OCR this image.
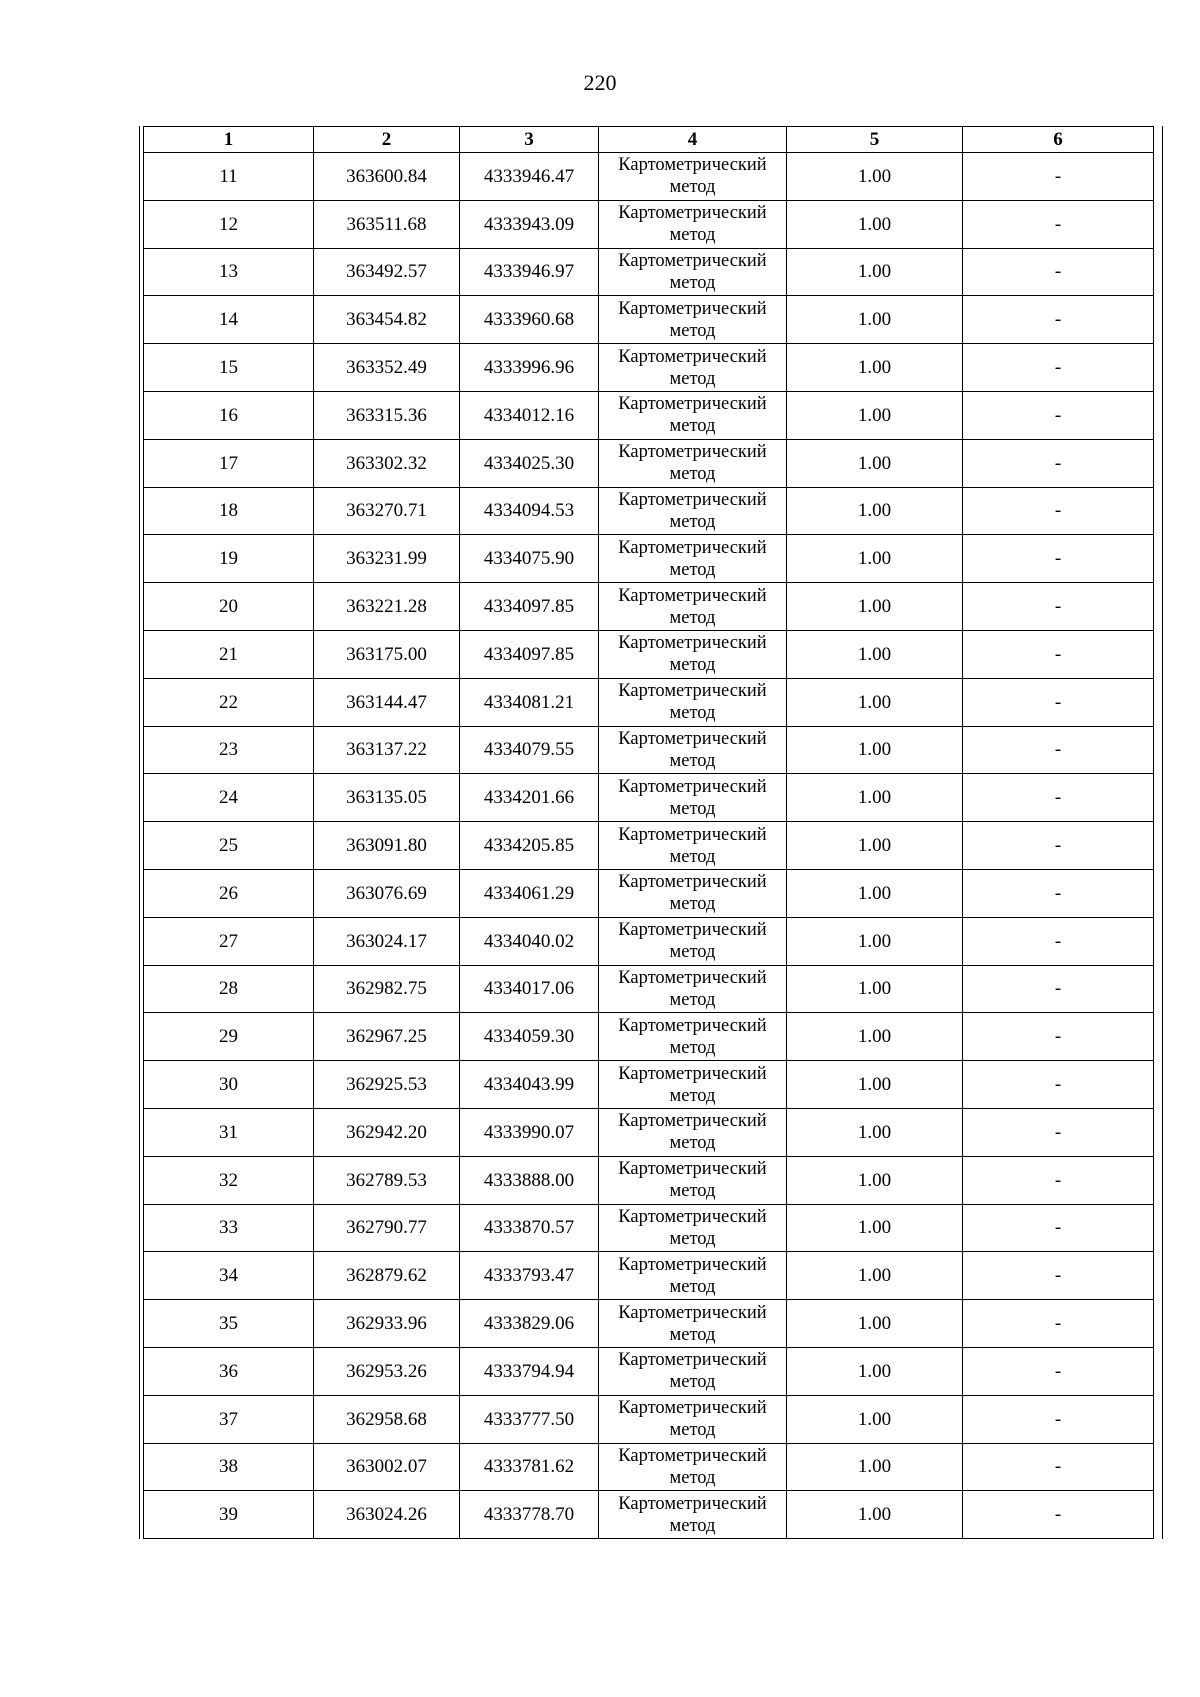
220
1	2	3	4	5	6
11	363600.84	4333946.47	Картометрический метод	1.00	-
12	363511.68	4333943.09	Картометрический метод	1.00	-
13	363492.57	4333946.97	Картометрический метод	1.00	-
14	363454.82	4333960.68	Картометрический метод	1.00	-
15	363352.49	4333996.96	Картометрический метод	1.00	-
16	363315.36	4334012.16	Картометрический метод	1.00	-
17	363302.32	4334025.30	Картометрический метод	1.00	-
18	363270.71	4334094.53	Картометрический метод	1.00	-
19	363231.99	4334075.90	Картометрический метод	1.00	-
20	363221.28	4334097.85	Картометрический метод	1.00	-
21	363175.00	4334097.85	Картометрический метод	1.00	-
22	363144.47	4334081.21	Картометрический метод	1.00	-
23	363137.22	4334079.55	Картометрический метод	1.00	-
24	363135.05	4334201.66	Картометрический метод	1.00	-
25	363091.80	4334205.85	Картометрический метод	1.00	-
26	363076.69	4334061.29	Картометрический метод	1.00	-
27	363024.17	4334040.02	Картометрический метод	1.00	-
28	362982.75	4334017.06	Картометрический метод	1.00	-
29	362967.25	4334059.30	Картометрический метод	1.00	-
30	362925.53	4334043.99	Картометрический метод	1.00	-
31	362942.20	4333990.07	Картометрический метод	1.00	-
32	362789.53	4333888.00	Картометрический метод	1.00	-
33	362790.77	4333870.57	Картометрический метод	1.00	-
34	362879.62	4333793.47	Картометрический метод	1.00	-
35	362933.96	4333829.06	Картометрический метод	1.00	-
36	362953.26	4333794.94	Картометрический метод	1.00	-
37	362958.68	4333777.50	Картометрический метод	1.00	-
38	363002.07	4333781.62	Картометрический метод	1.00	-
39	363024.26	4333778.70	Картометрический метод	1.00	-
